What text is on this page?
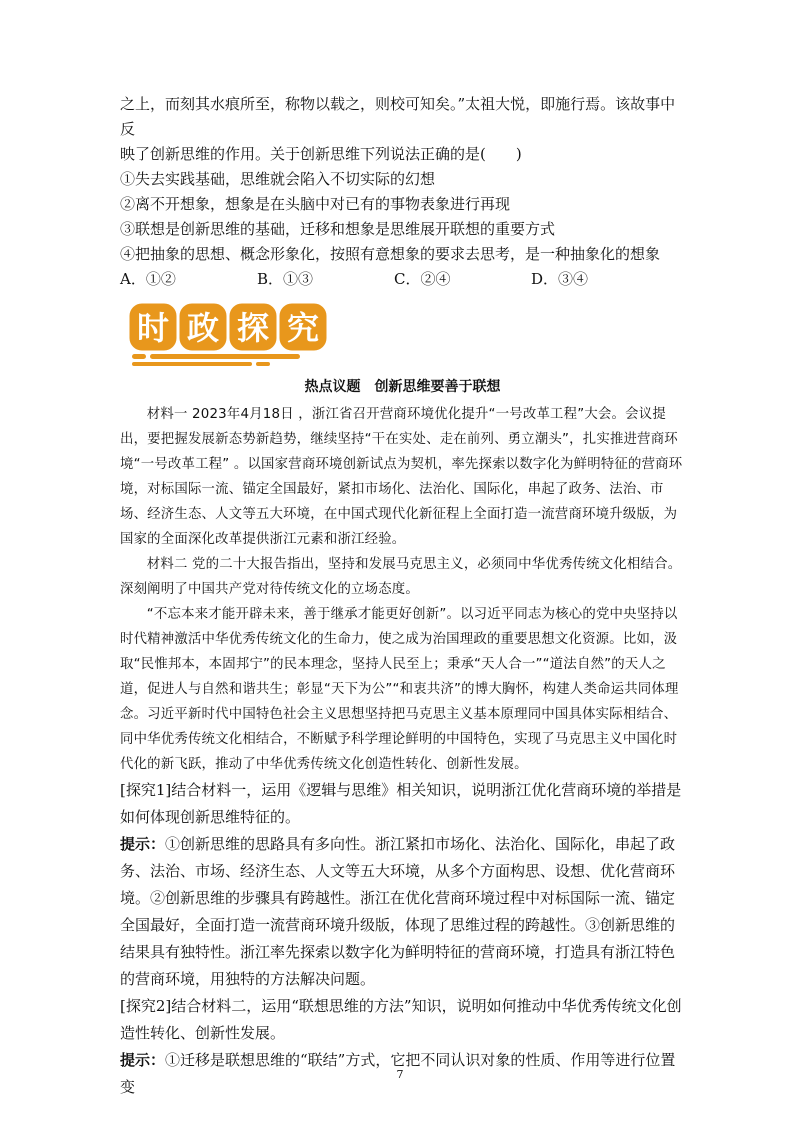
之上，而刻其水痕所至，称物以载之，则校可知矣。”太祖大悦，即施行焉。该故事中反

映了创新思维的作用。关于创新思维下列说法正确的是(　　)

①失去实践基础，思维就会陷入不切实际的幻想

②离不开想象，想象是在头脑中对已有的事物表象进行再现

③联想是创新思维的基础，迁移和想象是思维展开联想的重要方式

④把抽象的思想、概念形象化，按照有意想象的要求去思考，是一种抽象化的想象

A．①②	B．①③	C．②④	D．③④
时 政 探 究

热点议题　创新思维要善于联想

材料一 2023年4月18日 ，浙江省召开营商环境优化提升“一号改革工程”大会。会议提出，要把握发展新态势新趋势，继续坚持“干在实处、走在前列、勇立潮头”，扎实推进营商环境“一号改革工程” 。以国家营商环境创新试点为契机，率先探索以数字化为鲜明特征的营商环境，对标国际一流、锚定全国最好，紧扣市场化、法治化、国际化，串起了政务、法治、市场、经济生态、人文等五大环境，在中国式现代化新征程上全面打造一流营商环境升级版，为国家的全面深化改革提供浙江元素和浙江经验。

材料二 党的二十大报告指出，坚持和发展马克思主义，必须同中华优秀传统文化相结合。深刻阐明了中国共产党对待传统文化的立场态度。

“不忘本来才能开辟未来，善于继承才能更好创新”。以习近平同志为核心的党中央坚持以时代精神激活中华优秀传统文化的生命力，使之成为治国理政的重要思想文化资源。比如，汲取“民惟邦本，本固邦宁”的民本理念，坚持人民至上；秉承“天人合一”“道法自然”的天人之道，促进人与自然和谐共生；彰显“天下为公”“和衷共济”的博大胸怀，构建人类命运共同体理念。习近平新时代中国特色社会主义思想坚持把马克思主义基本原理同中国具体实际相结合、同中华优秀传统文化相结合，不断赋予科学理论鲜明的中国特色，实现了马克思主义中国化时代化的新飞跃，推动了中华优秀传统文化创造性转化、创新性发展。

[探究1]结合材料一，运用《逻辑与思维》相关知识，说明浙江优化营商环境的举措是如何体现创新思维特征的。

提示：①创新思维的思路具有多向性。浙江紧扣市场化、法治化、国际化，串起了政务、法治、市场、经济生态、人文等五大环境，从多个方面构思、设想、优化营商环境。②创新思维的步骤具有跨越性。浙江在优化营商环境过程中对标国际一流、锚定全国最好，全面打造一流营商环境升级版，体现了思维过程的跨越性。③创新思维的结果具有独特性。浙江率先探索以数字化为鲜明特征的营商环境，打造具有浙江特色的营商环境，用独特的方法解决问题。

[探究2]结合材料二，运用“联想思维的方法”知识，说明如何推动中华优秀传统文化创造性转化、创新性发展。

提示：①迁移是联想思维的“联结”方式，它把不同认识对象的性质、作用等进行位置变

7
